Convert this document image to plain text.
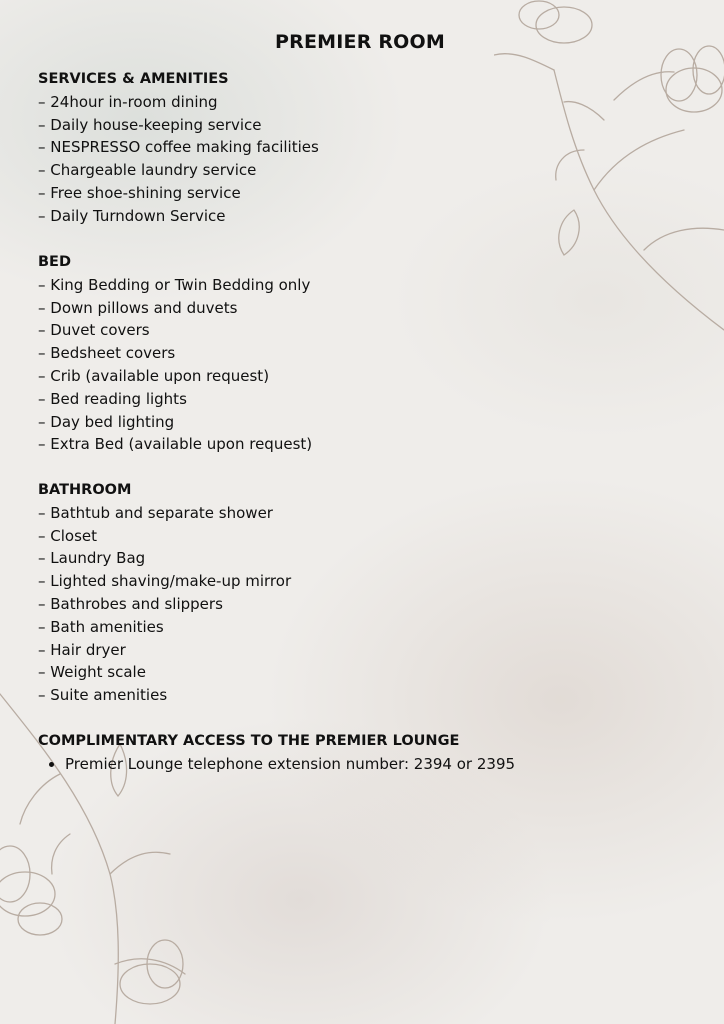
PREMIER ROOM
SERVICES & AMENITIES
– 24hour in-room dining
– Daily house-keeping service
– NESPRESSO coffee making facilities
– Chargeable laundry service
– Free shoe-shining service
– Daily Turndown Service
BED
– King Bedding or Twin Bedding only
– Down pillows and duvets
– Duvet covers
– Bedsheet covers
– Crib (available upon request)
– Bed reading lights
– Day bed lighting
– Extra Bed (available upon request)
BATHROOM
– Bathtub and separate shower
– Closet
– Laundry Bag
– Lighted shaving/make-up mirror
– Bathrobes and slippers
– Bath amenities
– Hair dryer
– Weight scale
– Suite amenities
COMPLIMENTARY ACCESS TO THE PREMIER LOUNGE
• Premier Lounge telephone extension number: 2394 or 2395
